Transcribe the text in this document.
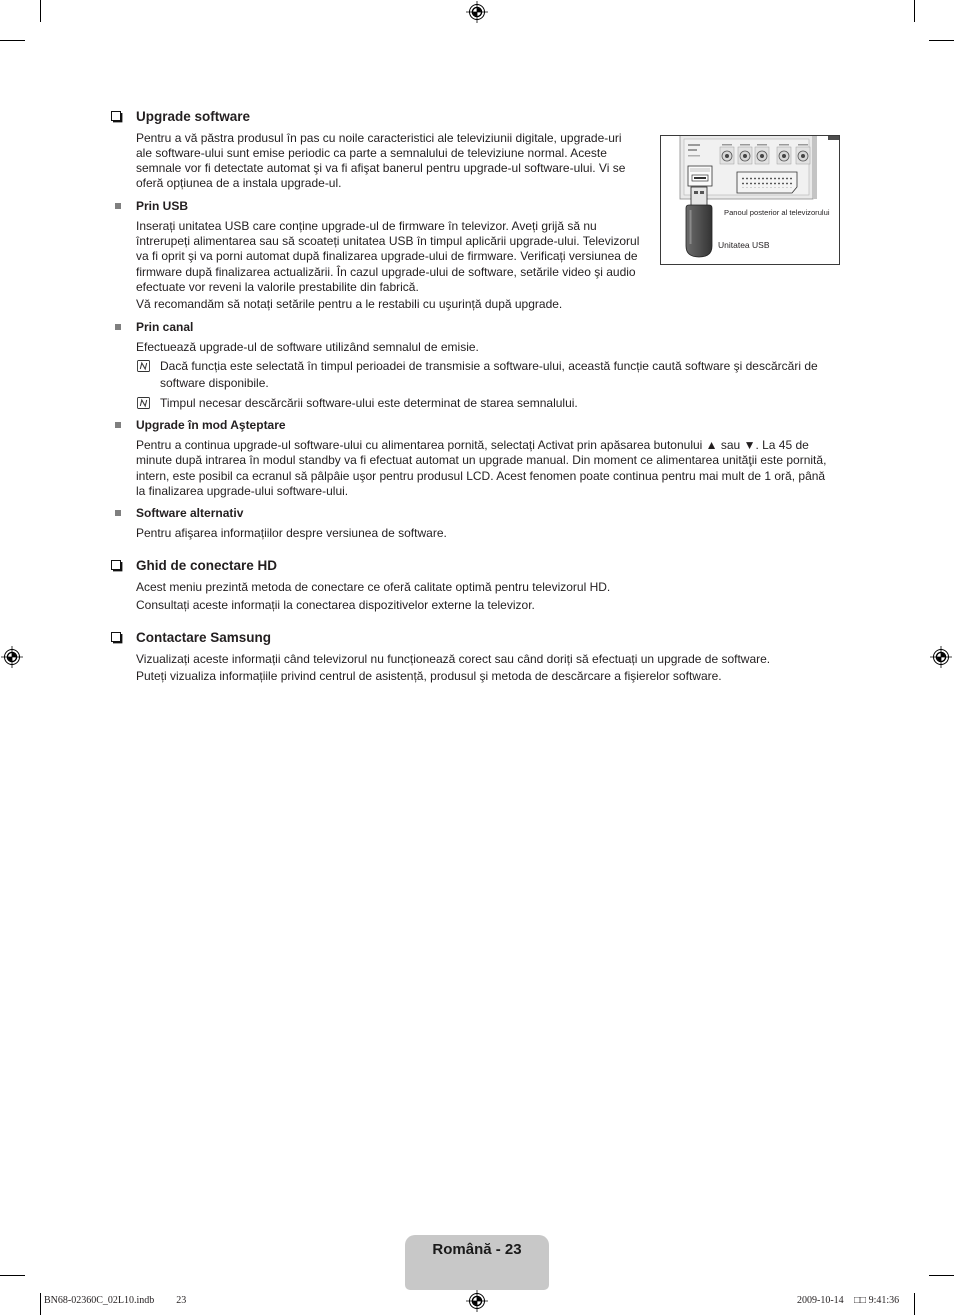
Upgrade software
Pentru a vă păstra produsul în pas cu noile caracteristici ale televiziunii digitale, upgrade-uri
ale software-ului sunt emise periodic ca parte a semnalului de televiziune normal. Aceste
semnale vor fi detectate automat şi va fi afişat banerul pentru upgrade-ul software-ului. Vi se
oferă opțiunea de a instala upgrade-ul.
Panoul posterior al televizorului
Unitatea USB
Prin USB
Inserați unitatea USB care conține upgrade-ul de firmware în televizor. Aveți grijă să nu
întrerupeți alimentarea sau să scoateți unitatea USB în timpul aplicării upgrade-ului. Televizorul
va fi oprit şi va porni automat după finalizarea upgrade-ului de firmware. Verificați versiunea de
firmware după finalizarea actualizării. În cazul upgrade-ului de software, setările video şi audio
efectuate vor reveni la valorile prestabilite din fabrică.
Vă recomandăm să notați setările pentru a le restabili cu uşurință după upgrade.
Prin canal
Efectuează upgrade-ul de software utilizând semnalul de emisie.
Dacă funcția este selectată în timpul perioadei de transmisie a software-ului, această funcție caută software şi descărcări de
software disponibile.
Timpul necesar descărcării software-ului este determinat de starea semnalului.
Upgrade în mod Aşteptare
Pentru a continua upgrade-ul software-ului cu alimentarea pornită, selectați Activat prin apăsarea butonului ▲ sau ▼. La 45 de
minute după intrarea în modul standby va fi efectuat automat un upgrade manual. Din moment ce alimentarea unităţii este pornită,
intern, este posibil ca ecranul să pâlpâie uşor pentru produsul LCD. Acest fenomen poate continua pentru mai mult de 1 oră, până
la finalizarea upgrade-ului software-ului.
Software alternativ
Pentru afişarea informațiilor despre versiunea de software.
Ghid de conectare HD
Acest meniu prezintă metoda de conectare ce oferă calitate optimă pentru televizorul HD.
Consultați aceste informații la conectarea dispozitivelor externe la televizor.
Contactare Samsung
Vizualizați aceste informații când televizorul nu funcționează corect sau când doriți să efectuați un upgrade de software.
Puteți vizualiza informațiile privind centrul de asistență, produsul şi metoda de descărcare a fişierelor software.
Română - 23
BN68-02360C_02L10.indb 23	2009-10-14 □□ 9:41:36
